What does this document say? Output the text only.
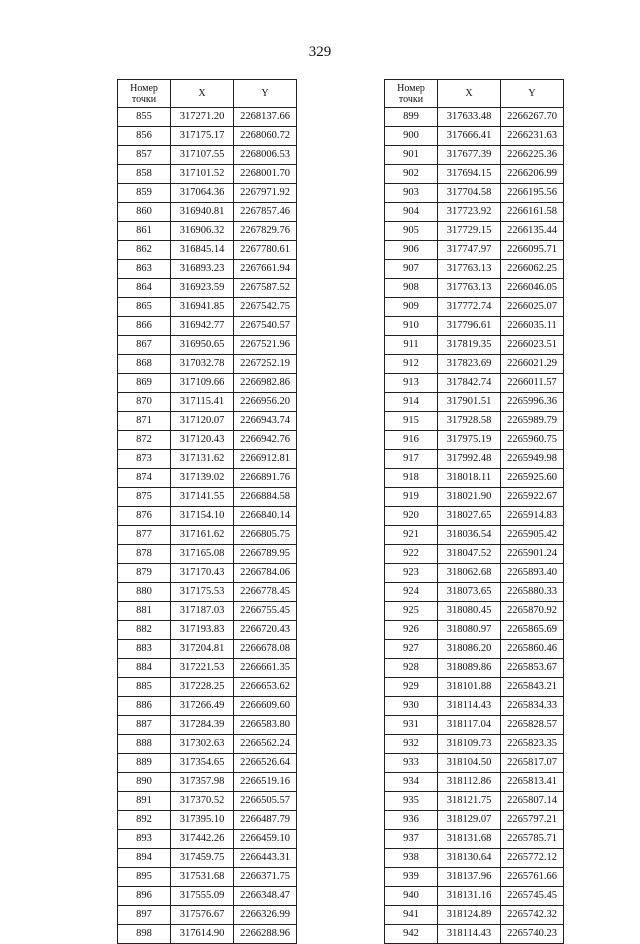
329
Номер
точки	X	Y
855	317271.20	2268137.66
856	317175.17	2268060.72
857	317107.55	2268006.53
858	317101.52	2268001.70
859	317064.36	2267971.92
860	316940.81	2267857.46
861	316906.32	2267829.76
862	316845.14	2267780.61
863	316893.23	2267661.94
864	316923.59	2267587.52
865	316941.85	2267542.75
866	316942.77	2267540.57
867	316950.65	2267521.96
868	317032.78	2267252.19
869	317109.66	2266982.86
870	317115.41	2266956.20
871	317120.07	2266943.74
872	317120.43	2266942.76
873	317131.62	2266912.81
874	317139.02	2266891.76
875	317141.55	2266884.58
876	317154.10	2266840.14
877	317161.62	2266805.75
878	317165.08	2266789.95
879	317170.43	2266784.06
880	317175.53	2266778.45
881	317187.03	2266755.45
882	317193.83	2266720.43
883	317204.81	2266678.08
884	317221.53	2266661.35
885	317228.25	2266653.62
886	317266.49	2266609.60
887	317284.39	2266583.80
888	317302.63	2266562.24
889	317354.65	2266526.64
890	317357.98	2266519.16
891	317370.52	2266505.57
892	317395.10	2266487.79
893	317442.26	2266459.10
894	317459.75	2266443.31
895	317531.68	2266371.75
896	317555.09	2266348.47
897	317576.67	2266326.99
898	317614.90	2266288.96
Номер
точки	X	Y
899	317633.48	2266267.70
900	317666.41	2266231.63
901	317677.39	2266225.36
902	317694.15	2266206.99
903	317704.58	2266195.56
904	317723.92	2266161.58
905	317729.15	2266135.44
906	317747.97	2266095.71
907	317763.13	2266062.25
908	317763.13	2266046.05
909	317772.74	2266025.07
910	317796.61	2266035.11
911	317819.35	2266023.51
912	317823.69	2266021.29
913	317842.74	2266011.57
914	317901.51	2265996.36
915	317928.58	2265989.79
916	317975.19	2265960.75
917	317992.48	2265949.98
918	318018.11	2265925.60
919	318021.90	2265922.67
920	318027.65	2265914.83
921	318036.54	2265905.42
922	318047.52	2265901.24
923	318062.68	2265893.40
924	318073.65	2265880.33
925	318080.45	2265870.92
926	318080.97	2265865.69
927	318086.20	2265860.46
928	318089.86	2265853.67
929	318101.88	2265843.21
930	318114.43	2265834.33
931	318117.04	2265828.57
932	318109.73	2265823.35
933	318104.50	2265817.07
934	318112.86	2265813.41
935	318121.75	2265807.14
936	318129.07	2265797.21
937	318131.68	2265785.71
938	318130.64	2265772.12
939	318137.96	2265761.66
940	318131.16	2265745.45
941	318124.89	2265742.32
942	318114.43	2265740.23
